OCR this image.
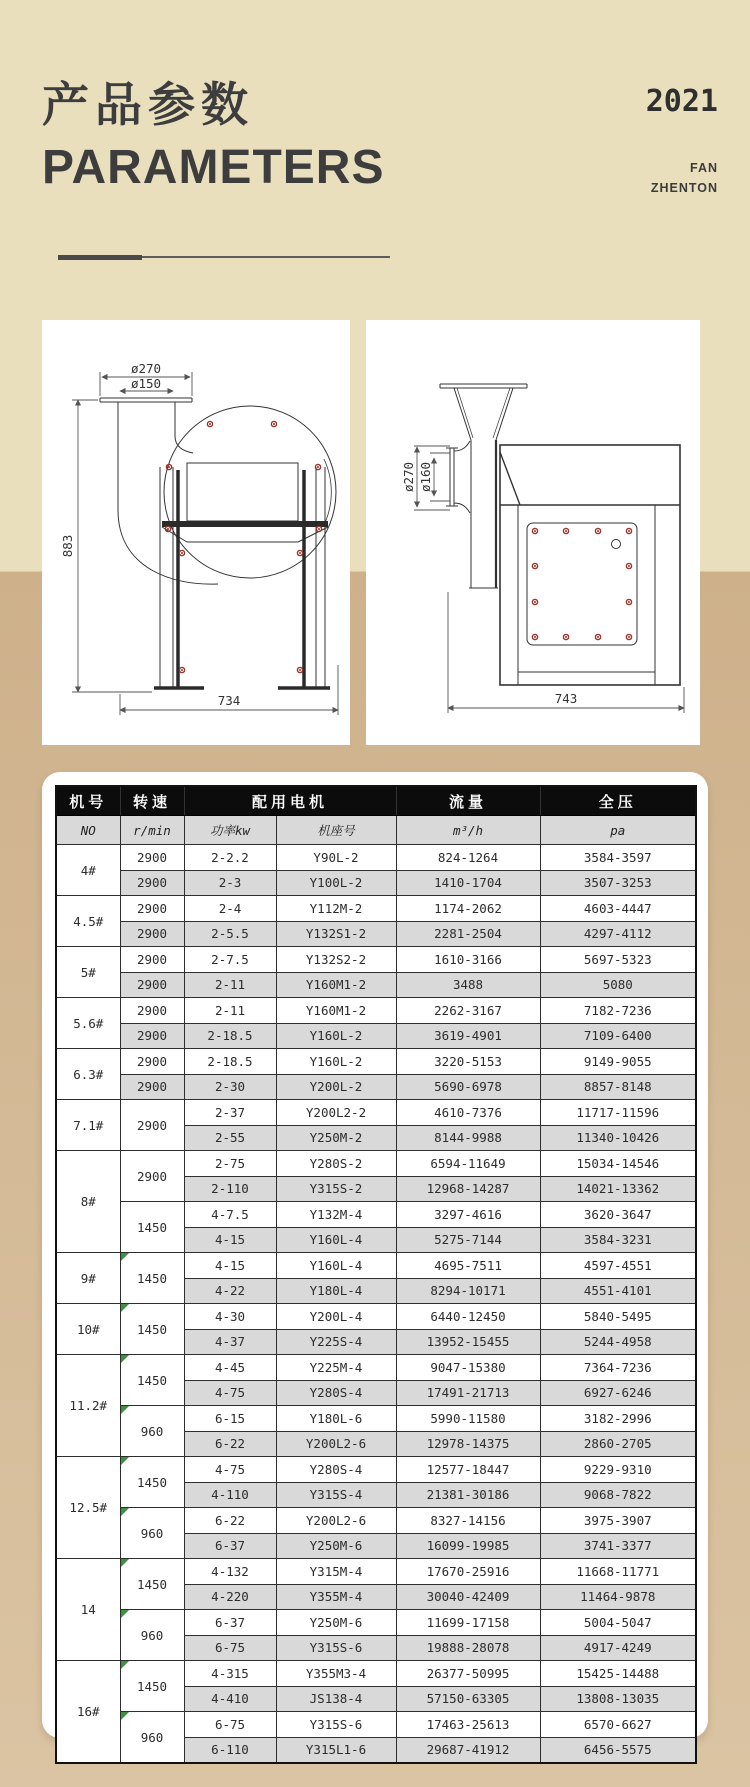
产品参数
PARAMETERS
2021
FAN
ZHENTON
ø270
ø150
883
734
ø270 ø160
743
机号	转速	配用电机		流量	全压
NO	r/min	功率kw	机座号	m³/h	pa
4#	2900	2-2.2	Y90L-2	824-1264	3584-3597
	2900	2-3	Y100L-2	1410-1704	3507-3253
4.5#	2900	2-4	Y112M-2	1174-2062	4603-4447
	2900	2-5.5	Y132S1-2	2281-2504	4297-4112
5#	2900	2-7.5	Y132S2-2	1610-3166	5697-5323
	2900	2-11	Y160M1-2	3488	5080
5.6#	2900	2-11	Y160M1-2	2262-3167	7182-7236
	2900	2-18.5	Y160L-2	3619-4901	7109-6400
6.3#	2900	2-18.5	Y160L-2	3220-5153	9149-9055
	2900	2-30	Y200L-2	5690-6978	8857-8148
7.1#	2900	2-37	Y200L2-2	4610-7376	11717-11596
		2-55	Y250M-2	8144-9988	11340-10426
8#	2900	2-75	Y280S-2	6594-11649	15034-14546
		2-110	Y315S-2	12968-14287	14021-13362
	1450	4-7.5	Y132M-4	3297-4616	3620-3647
		4-15	Y160L-4	5275-7144	3584-3231
9#	1450	4-15	Y160L-4	4695-7511	4597-4551
		4-22	Y180L-4	8294-10171	4551-4101
10#	1450	4-30	Y200L-4	6440-12450	5840-5495
		4-37	Y225S-4	13952-15455	5244-4958
11.2#	1450	4-45	Y225M-4	9047-15380	7364-7236
		4-75	Y280S-4	17491-21713	6927-6246
	960	6-15	Y180L-6	5990-11580	3182-2996
		6-22	Y200L2-6	12978-14375	2860-2705
12.5#	1450	4-75	Y280S-4	12577-18447	9229-9310
		4-110	Y315S-4	21381-30186	9068-7822
	960	6-22	Y200L2-6	8327-14156	3975-3907
		6-37	Y250M-6	16099-19985	3741-3377
14	1450	4-132	Y315M-4	17670-25916	11668-11771
		4-220	Y355M-4	30040-42409	11464-9878
	960	6-37	Y250M-6	11699-17158	5004-5047
		6-75	Y315S-6	19888-28078	4917-4249
16#	1450	4-315	Y355M3-4	26377-50995	15425-14488
		4-410	JS138-4	57150-63305	13808-13035
	960	6-75	Y315S-6	17463-25613	6570-6627
		6-110	Y315L1-6	29687-41912	6456-5575
